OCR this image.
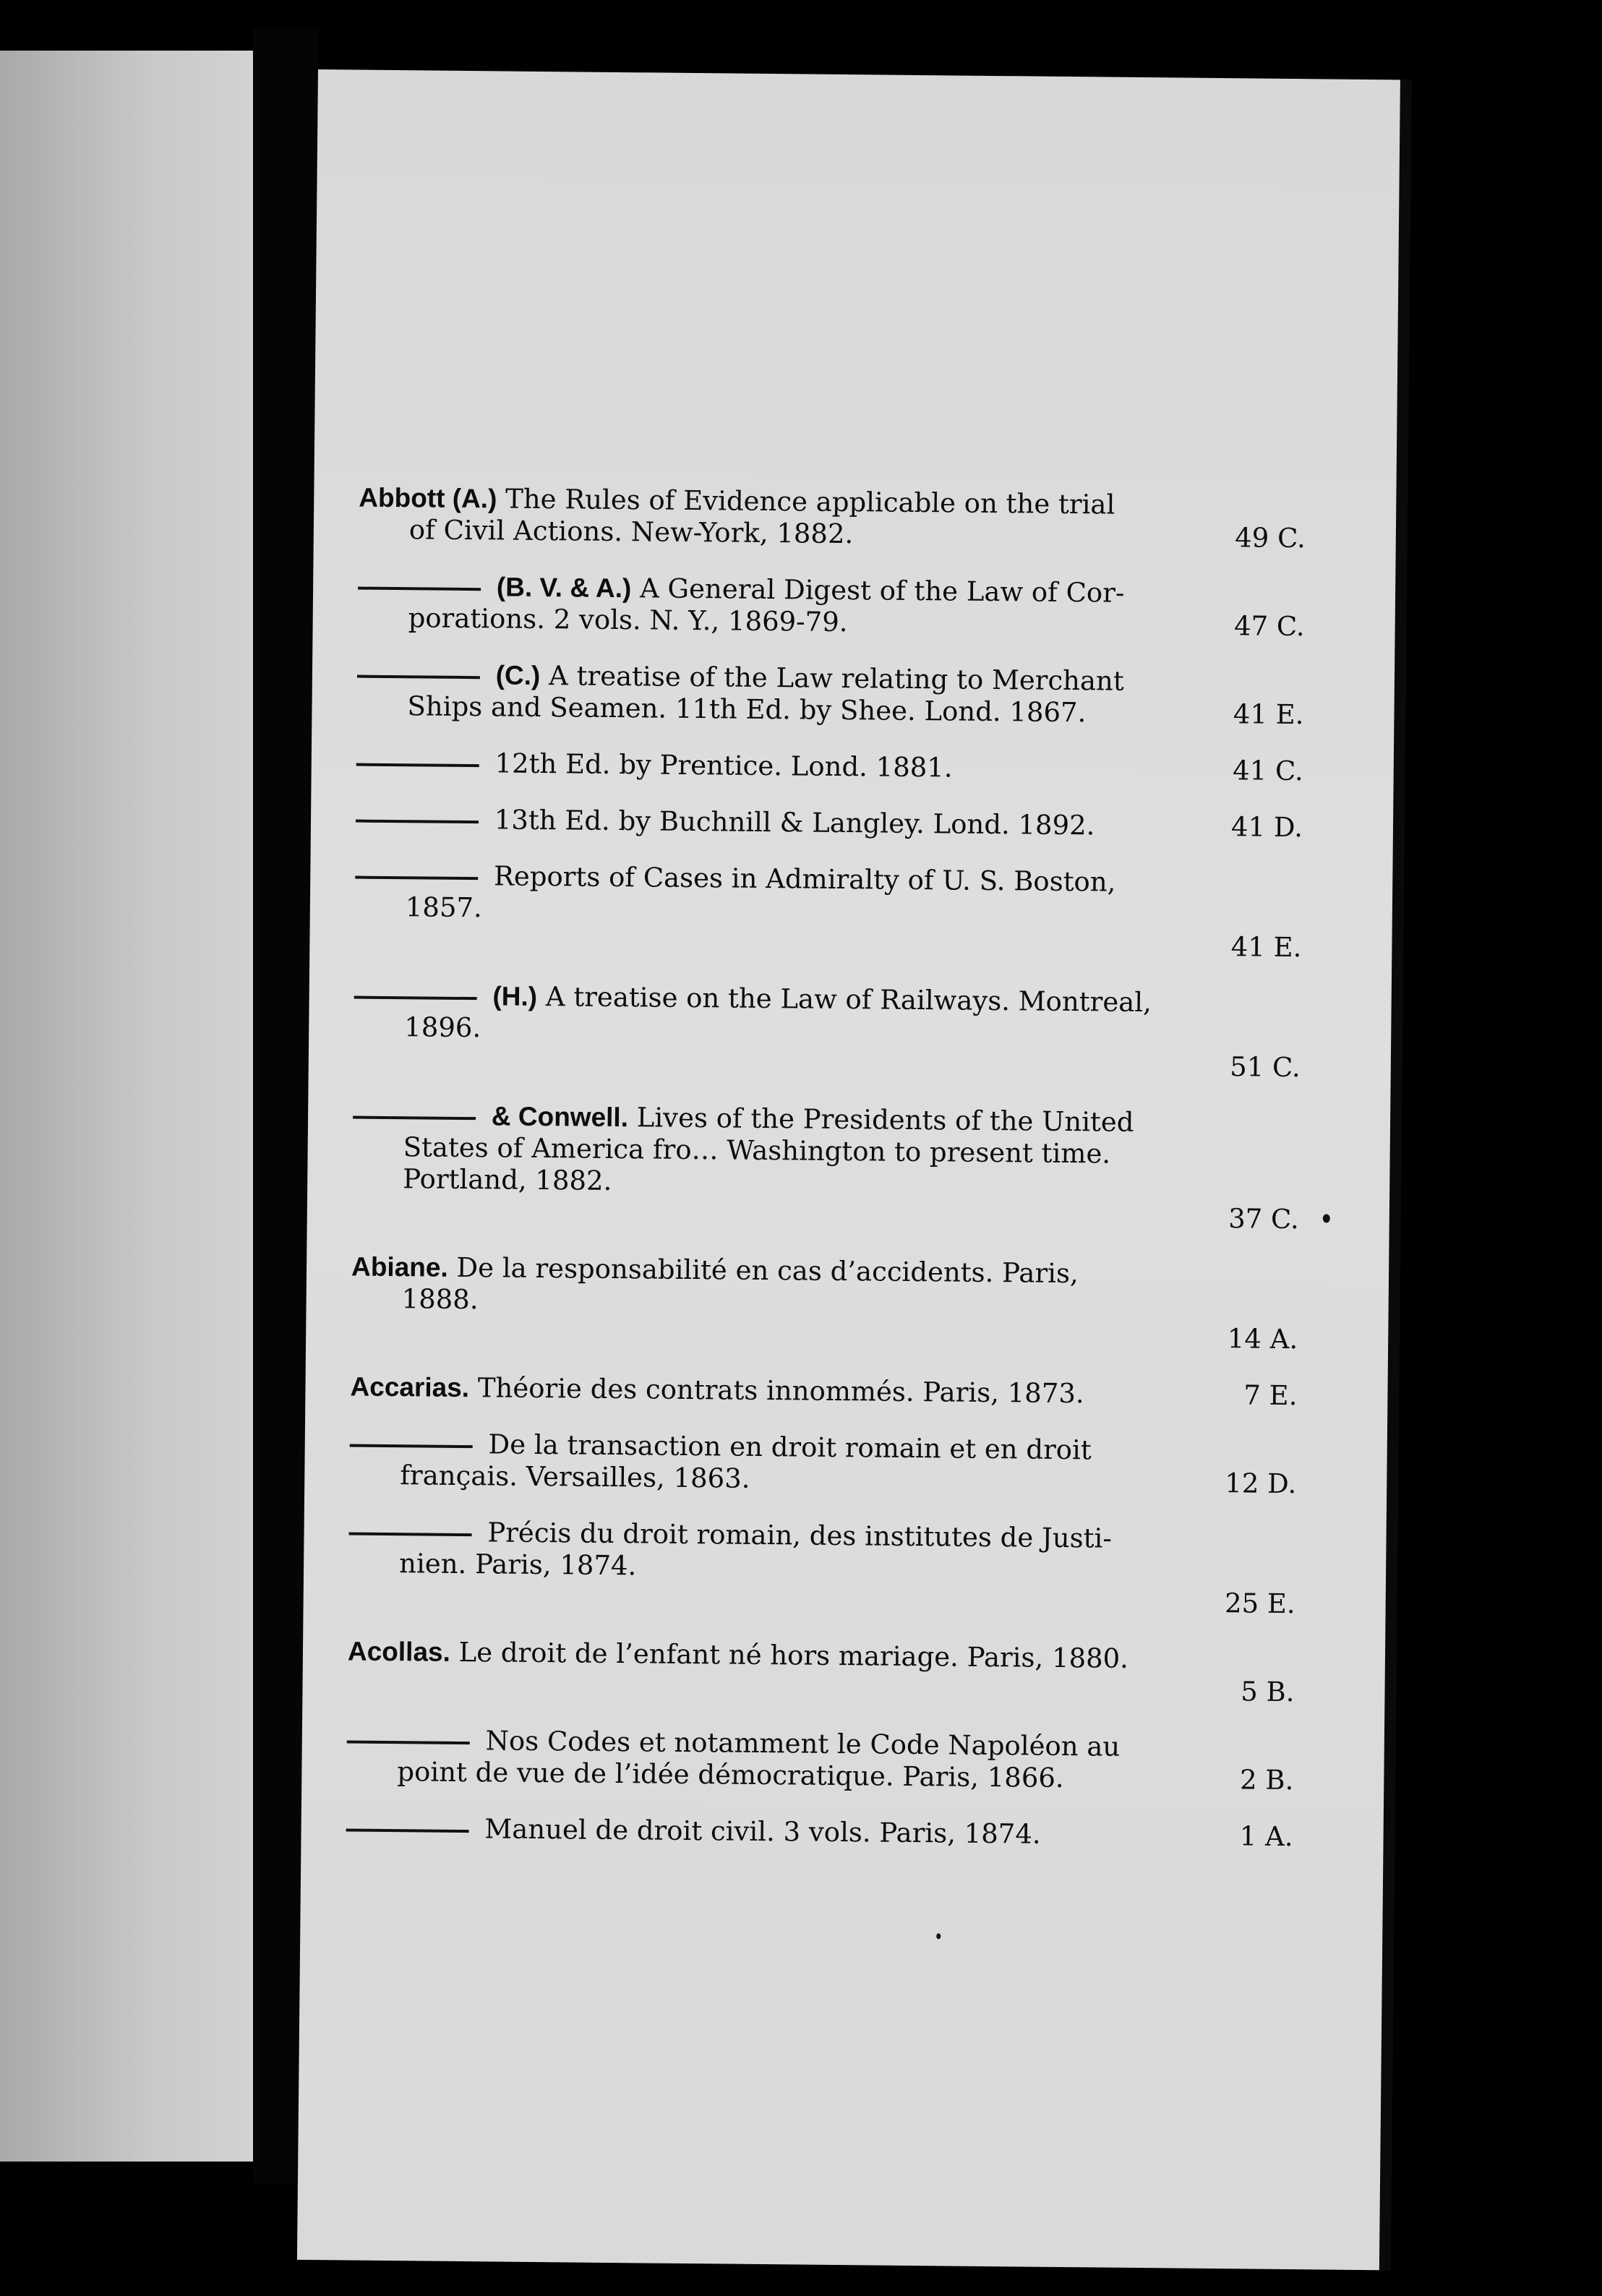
Abbott (A.) The Rules of Evidence applicable on the trial
of Civil Actions. New-York, 1882.	49 C.
(B. V. & A.) A General Digest of the Law of Cor-
porations. 2 vols. N. Y., 1869-79.	47 C.
(C.) A treatise of the Law relating to Merchant
Ships and Seamen. 11th Ed. by Shee. Lond. 1867.	41 E.
12th Ed. by Prentice. Lond. 1881.	41 C.
13th Ed. by Buchnill & Langley. Lond. 1892.	41 D.
Reports of Cases in Admiralty of U. S. Boston,
1857.
41 E.
(H.) A treatise on the Law of Railways. Montreal,
1896.
51 C.
& Conwell. Lives of the Presidents of the United
States of America fro… Washington to present time.
Portland, 1882.
37 C.
Abiane. De la responsabilité en cas d’accidents. Paris,
1888.
14 A.
Accarias. Théorie des contrats innommés. Paris, 1873.	7 E.
De la transaction en droit romain et en droit
français. Versailles, 1863.	12 D.
Précis du droit romain, des institutes de Justi-
nien. Paris, 1874.
25 E.
Acollas. Le droit de l’enfant né hors mariage. Paris, 1880.
5 B.
Nos Codes et notamment le Code Napoléon au
point de vue de l’idée démocratique. Paris, 1866.	2 B.
Manuel de droit civil. 3 vols. Paris, 1874.	1 A.
